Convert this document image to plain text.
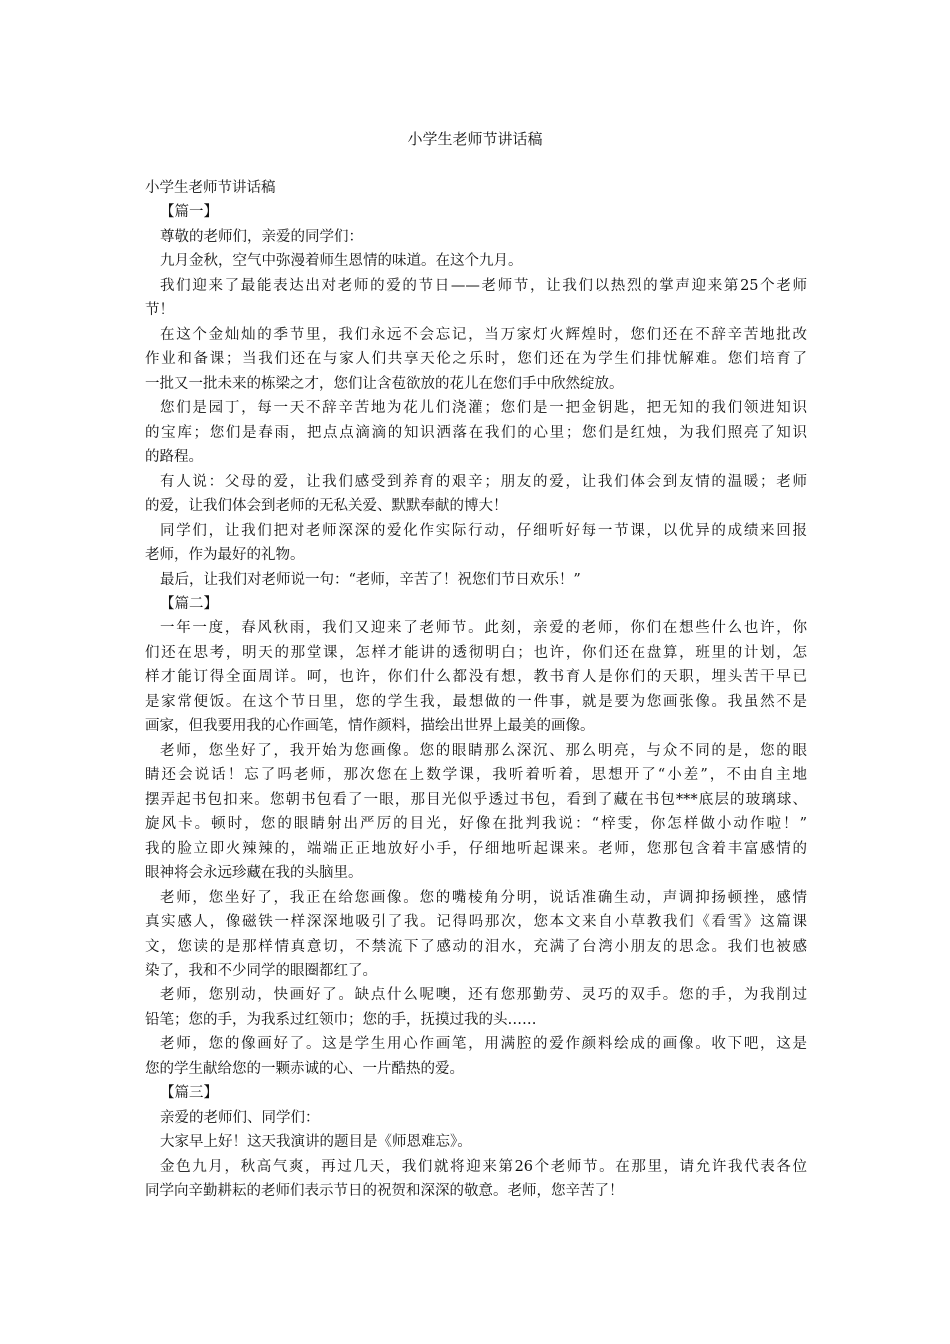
小学生老师节讲话稿
小学生老师节讲话稿
【篇一】
尊敬的老师们，亲爱的同学们：
九月金秋，空气中弥漫着师生恩情的味道。在这个九月。
我们迎来了最能表达出对老师的爱的节日——老师节，让我们以热烈的掌声迎来第25个老师
节！
在这个金灿灿的季节里，我们永远不会忘记，当万家灯火辉煌时，您们还在不辞辛苦地批改
作业和备课；当我们还在与家人们共享天伦之乐时，您们还在为学生们排忧解难。您们培育了
一批又一批未来的栋梁之才，您们让含苞欲放的花儿在您们手中欣然绽放。
您们是园丁，每一天不辞辛苦地为花儿们浇灌；您们是一把金钥匙，把无知的我们领进知识
的宝库；您们是春雨，把点点滴滴的知识洒落在我们的心里；您们是红烛，为我们照亮了知识
的路程。
有人说：父母的爱，让我们感受到养育的艰辛；朋友的爱，让我们体会到友情的温暖；老师
的爱，让我们体会到老师的无私关爱、默默奉献的博大！
同学们，让我们把对老师深深的爱化作实际行动，仔细听好每一节课，以优异的成绩来回报
老师，作为最好的礼物。
最后，让我们对老师说一句：“老师，辛苦了！祝您们节日欢乐！”
【篇二】
一年一度，春风秋雨，我们又迎来了老师节。此刻，亲爱的老师，你们在想些什么也许，你
们还在思考，明天的那堂课，怎样才能讲的透彻明白；也许，你们还在盘算，班里的计划，怎
样才能订得全面周详。呵，也许，你们什么都没有想，教书育人是你们的天职，埋头苦干早已
是家常便饭。在这个节日里，您的学生我，最想做的一件事，就是要为您画张像。我虽然不是
画家，但我要用我的心作画笔，情作颜料，描绘出世界上最美的画像。
老师，您坐好了，我开始为您画像。您的眼睛那么深沉、那么明亮，与众不同的是，您的眼
睛还会说话！忘了吗老师，那次您在上数学课，我听着听着，思想开了“小差”，不由自主地
摆弄起书包扣来。您朝书包看了一眼，那目光似乎透过书包，看到了藏在书包***底层的玻璃球、
旋风卡。顿时，您的眼睛射出严厉的目光，好像在批判我说：“梓雯，你怎样做小动作啦！”
我的脸立即火辣辣的，端端正正地放好小手，仔细地听起课来。老师，您那包含着丰富感情的
眼神将会永远珍藏在我的头脑里。
老师，您坐好了，我正在给您画像。您的嘴棱角分明，说话准确生动，声调抑扬顿挫，感情
真实感人，像磁铁一样深深地吸引了我。记得吗那次，您本文来自小草教我们《看雪》这篇课
文，您读的是那样情真意切，不禁流下了感动的泪水，充满了台湾小朋友的思念。我们也被感
染了，我和不少同学的眼圈都红了。
老师，您别动，快画好了。缺点什么呢噢，还有您那勤劳、灵巧的双手。您的手，为我削过
铅笔；您的手，为我系过红领巾；您的手，抚摸过我的头……
老师，您的像画好了。这是学生用心作画笔，用满腔的爱作颜料绘成的画像。收下吧，这是
您的学生献给您的一颗赤诚的心、一片酷热的爱。
【篇三】
亲爱的老师们、同学们：
大家早上好！这天我演讲的题目是《师恩难忘》。
金色九月，秋高气爽，再过几天，我们就将迎来第26个老师节。在那里，请允许我代表各位
同学向辛勤耕耘的老师们表示节日的祝贺和深深的敬意。老师，您辛苦了！
